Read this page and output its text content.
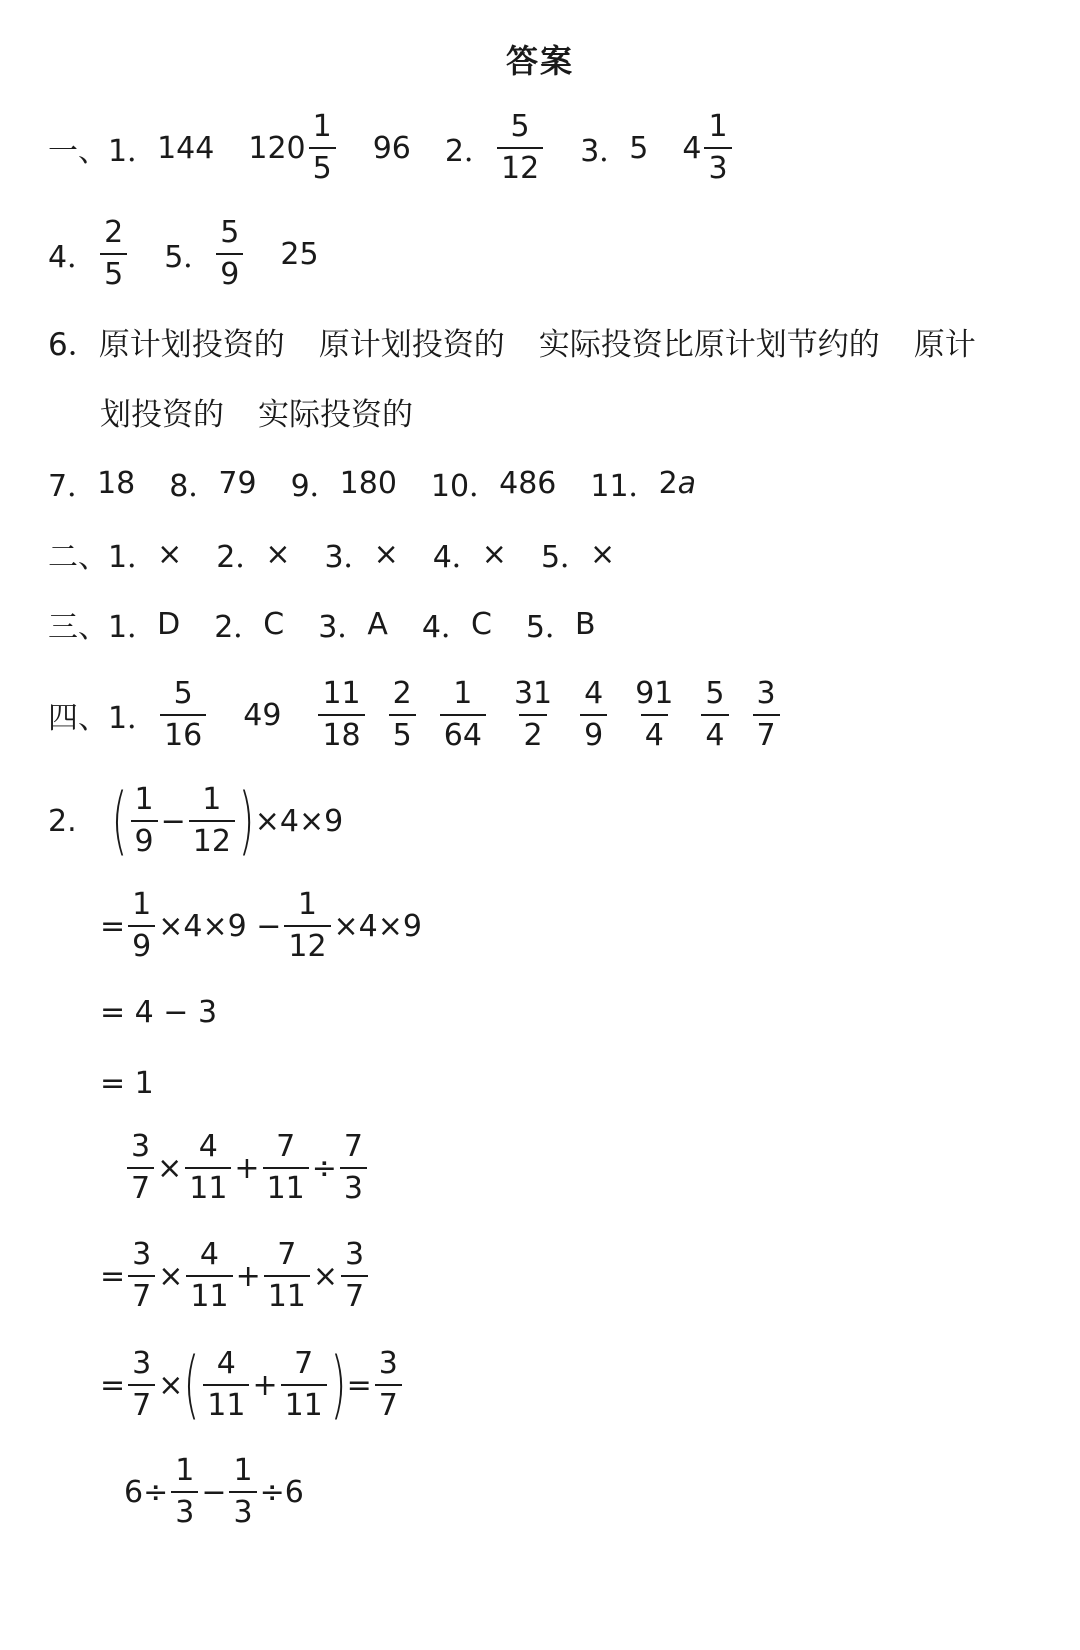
答案
一、 1． 144 $120 \frac{1}{5} 96$ 2． $\frac{5}{12} 3$． 5 $4 \frac{1}{3}$
4． $\frac{2}{5} 5$． $\frac{5}{9} 25$
6． 原计划投资的 原计划投资的 实际投资比原计划节约的 原计
划投资的 实际投资的
7． 18 8． 79 9． 180 10． 486 11． 2 a
二、 1． × 2． × 3． × 4． × 5． ×
三、 1． D 2． C 3． A 4． C 5． B
四、 1． $\frac{5}{16} 49 \frac{11}{18} \frac{2}{5} \frac{1}{64} \frac{31}{2} \frac{4}{9} \frac{91}{4} \frac{5}{4} \frac{3}{7}$
2. ( $\frac{1}{9} - \frac{1}{12}$ ) ×4×9
= $\frac{1}{9} \times 4\times 9 - \frac{1}{12} \times 4\times 9$
= 4 − 3
= 1
$\frac{3}{7} \times \frac{4}{11} + \frac{7}{11} \div \frac{7}{3}$
= $\frac{3}{7} \times \frac{4}{11} + \frac{7}{11} \times \frac{3}{7}$
= $\frac{3}{7}$ × ( $\frac{4}{11} + \frac{7}{11}$ ) = $\frac{3}{7}$
$6\div \frac{1}{3} - \frac{1}{3} \div 6$
